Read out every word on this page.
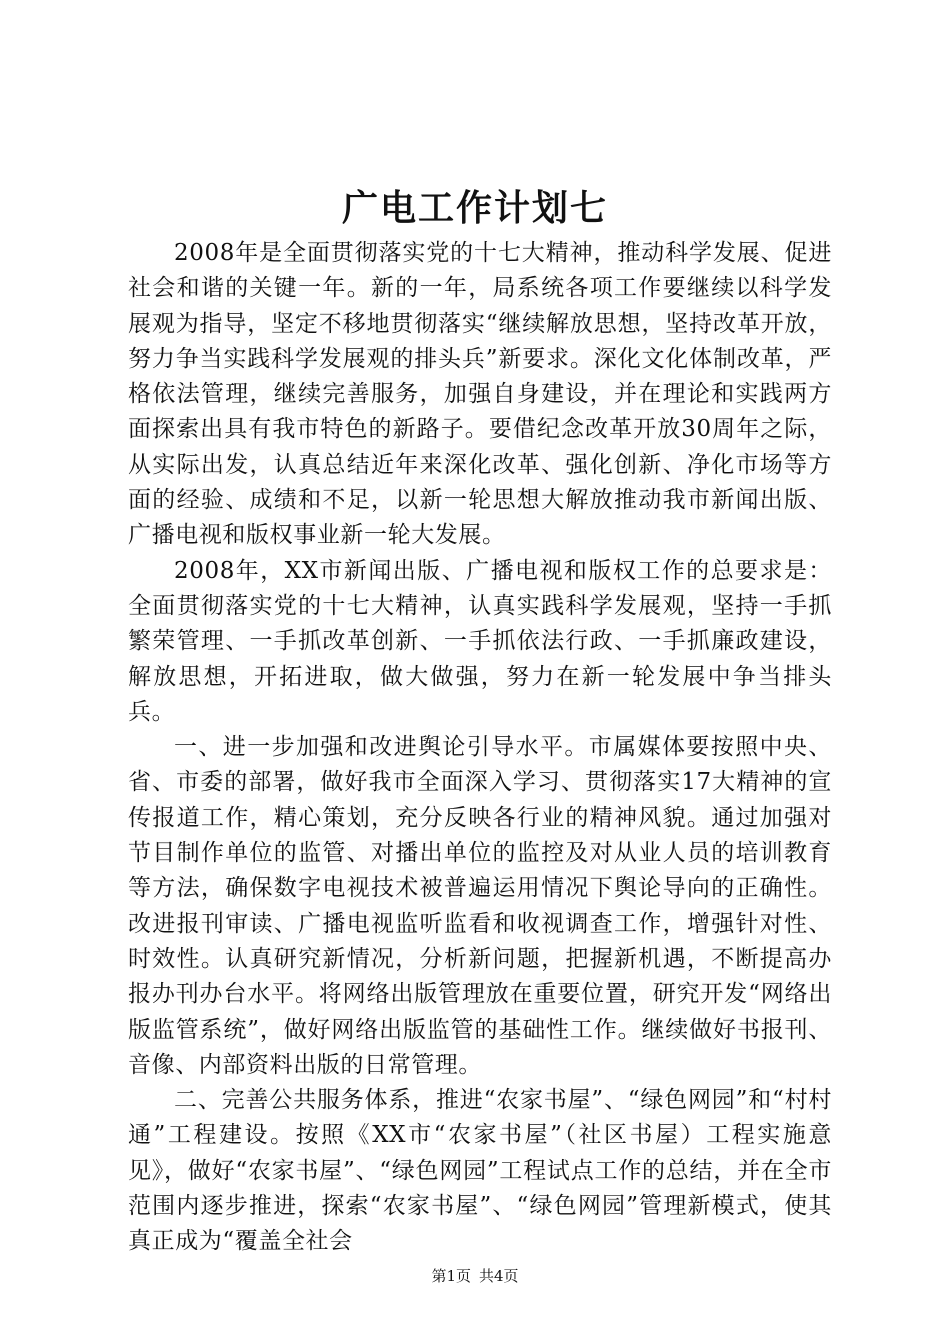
广电工作计划七

2008年是全面贯彻落实党的十七大精神，推动科学发展、促进社会和谐的关键一年。新的一年，局系统各项工作要继续以科学发展观为指导，坚定不移地贯彻落实“继续解放思想，坚持改革开放，努力争当实践科学发展观的排头兵”新要求。深化文化体制改革，严格依法管理，继续完善服务，加强自身建设，并在理论和实践两方面探索出具有我市特色的新路子。要借纪念改革开放30周年之际，从实际出发，认真总结近年来深化改革、强化创新、净化市场等方面的经验、成绩和不足，以新一轮思想大解放推动我市新闻出版、广播电视和版权事业新一轮大发展。

2008年，XX市新闻出版、广播电视和版权工作的总要求是：全面贯彻落实党的十七大精神，认真实践科学发展观，坚持一手抓繁荣管理、一手抓改革创新、一手抓依法行政、一手抓廉政建设，解放思想，开拓进取，做大做强，努力在新一轮发展中争当排头兵。

一、进一步加强和改进舆论引导水平。市属媒体要按照中央、省、市委的部署，做好我市全面深入学习、贯彻落实17大精神的宣传报道工作，精心策划，充分反映各行业的精神风貌。通过加强对节目制作单位的监管、对播出单位的监控及对从业人员的培训教育等方法，确保数字电视技术被普遍运用情况下舆论导向的正确性。改进报刊审读、广播电视监听监看和收视调查工作，增强针对性、时效性。认真研究新情况，分析新问题，把握新机遇，不断提高办报办刊办台水平。将网络出版管理放在重要位置，研究开发“网络出版监管系统”，做好网络出版监管的基础性工作。继续做好书报刊、音像、内部资料出版的日常管理。

二、完善公共服务体系，推进“农家书屋”、“绿色网园”和“村村通”工程建设。按照《XX市“农家书屋”（社区书屋）工程实施意见》，做好“农家书屋”、“绿色网园”工程试点工作的总结，并在全市范围内逐步推进，探索“农家书屋”、“绿色网园”管理新模式，使其真正成为“覆盖全社会

第1页 共4页
